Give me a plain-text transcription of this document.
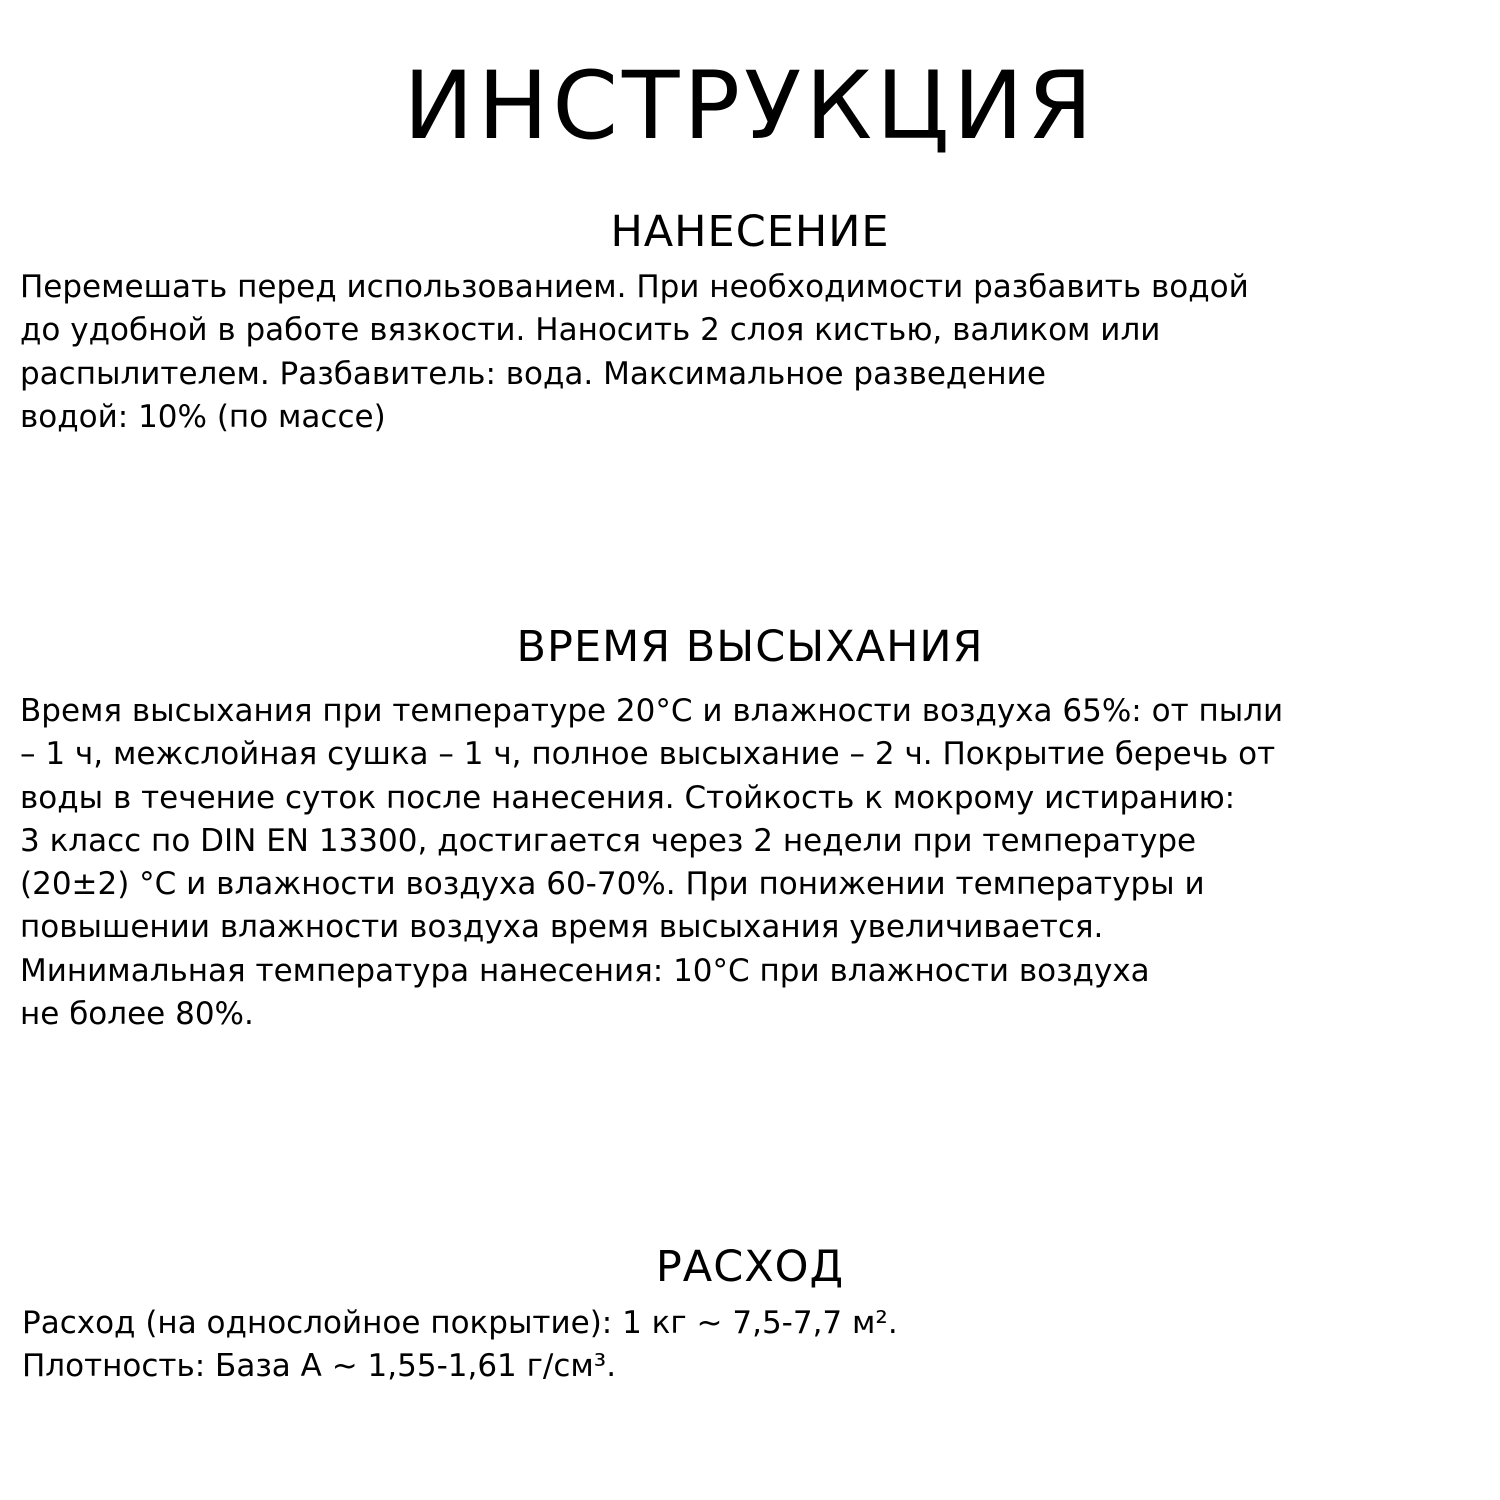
ИНСТРУКЦИЯ
НАНЕСЕНИЕ
Перемешать перед использованием. При необходимости разбавить водой
до удобной в работе вязкости. Наносить 2 слоя кистью, валиком или
распылителем. Разбавитель: вода. Максимальное разведение
водой: 10% (по массе)
ВРЕМЯ ВЫСЫХАНИЯ
Время высыхания при температуре 20°С и влажности воздуха 65%: от пыли
– 1 ч, межслойная сушка – 1 ч, полное высыхание – 2 ч. Покрытие беречь от
воды в течение суток после нанесения. Стойкость к мокрому истиранию:
3 класс по DIN EN 13300, достигается через 2 недели при температуре
(20±2) °С и влажности воздуха 60-70%. При понижении температуры и
повышении влажности воздуха время высыхания увеличивается.
Минимальная температура нанесения: 10°С при влажности воздуха
не более 80%.
РАСХОД
Расход (на однослойное покрытие): 1 кг ~ 7,5-7,7 м².
Плотность: База А ~ 1,55-1,61 г/см³.
